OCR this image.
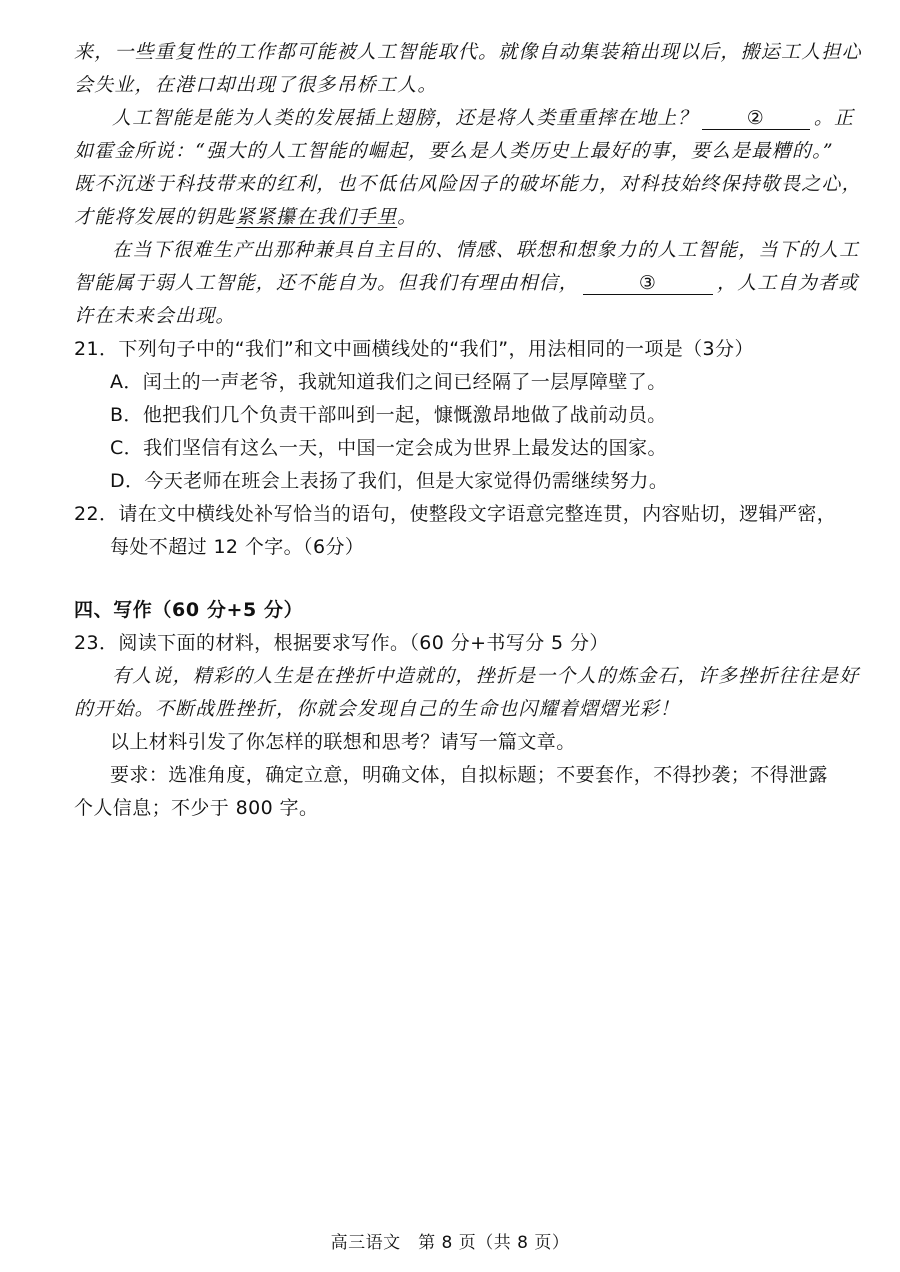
来，一些重复性的工作都可能被人工智能取代。就像自动集装箱出现以后，搬运工人担心
会失业，在港口却出现了很多吊桥工人。
人工智能是能为人类的发展插上翅膀，还是将人类重重摔在地上？	②	。正
如霍金所说：“强大的人工智能的崛起，要么是人类历史上最好的事，要么是最糟的。”
既不沉迷于科技带来的红利，也不低估风险因子的破坏能力，对科技始终保持敬畏之心，
才能将发展的钥匙紧紧攥在我们手里。
在当下很难生产出那种兼具自主目的、情感、联想和想象力的人工智能，当下的人工
智能属于弱人工智能，还不能自为。但我们有理由相信，	③	，人工自为者或
许在未来会出现。
21．下列句子中的“我们”和文中画横线处的“我们”，用法相同的一项是（3分）
A．闰土的一声老爷，我就知道我们之间已经隔了一层厚障壁了。
B．他把我们几个负责干部叫到一起，慷慨激昂地做了战前动员。
C．我们坚信有这么一天，中国一定会成为世界上最发达的国家。
D．今天老师在班会上表扬了我们，但是大家觉得仍需继续努力。
22．请在文中横线处补写恰当的语句，使整段文字语意完整连贯，内容贴切，逻辑严密，
每处不超过 12 个字。（6分）
四、写作（60 分+5 分）
23．阅读下面的材料，根据要求写作。（60 分+书写分 5 分）
有人说，精彩的人生是在挫折中造就的，挫折是一个人的炼金石，许多挫折往往是好
的开始。不断战胜挫折，你就会发现自己的生命也闪耀着熠熠光彩！
以上材料引发了你怎样的联想和思考？请写一篇文章。
要求：选准角度，确定立意，明确文体，自拟标题；不要套作，不得抄袭；不得泄露
个人信息；不少于 800 字。
高三语文　第 8 页（共 8 页）
